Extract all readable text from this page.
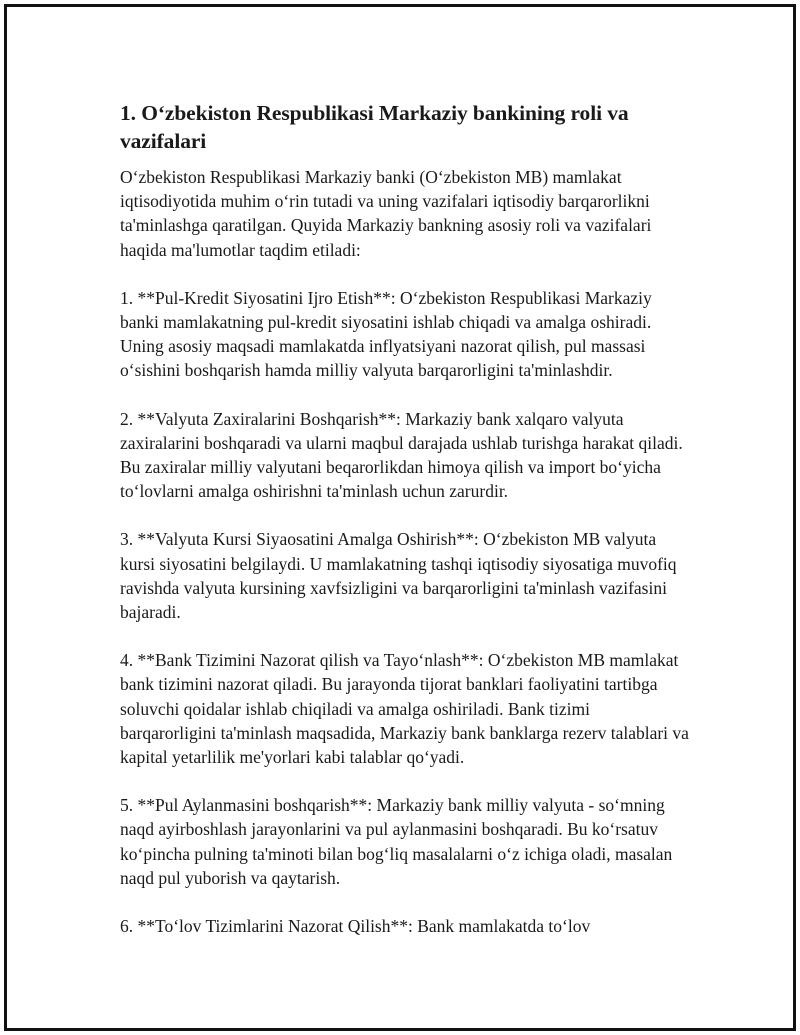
1. O‘zbekiston Respublikasi Markaziy bankining roli va vazifalari

O‘zbekiston Respublikasi Markaziy banki (O‘zbekiston MB) mamlakat iqtisodiyotida muhim o‘rin tutadi va uning vazifalari iqtisodiy barqarorlikni ta'minlashga qaratilgan. Quyida Markaziy bankning asosiy roli va vazifalari haqida ma'lumotlar taqdim etiladi:

1. **Pul-Kredit Siyosatini Ijro Etish**: O‘zbekiston Respublikasi Markaziy banki mamlakatning pul-kredit siyosatini ishlab chiqadi va amalga oshiradi. Uning asosiy maqsadi mamlakatda inflyatsiyani nazorat qilish, pul massasi o‘sishini boshqarish hamda milliy valyuta barqarorligini ta'minlashdir.

2. **Valyuta Zaxiralarini Boshqarish**: Markaziy bank xalqaro valyuta zaxiralarini boshqaradi va ularni maqbul darajada ushlab turishga harakat qiladi. Bu zaxiralar milliy valyutani beqarorlikdan himoya qilish va import bo‘yicha to‘lovlarni amalga oshirishni ta'minlash uchun zarurdir.

3. **Valyuta Kursi Siyaosatini Amalga Oshirish**: O‘zbekiston MB valyuta kursi siyosatini belgilaydi. U mamlakatning tashqi iqtisodiy siyosatiga muvofiq ravishda valyuta kursining xavfsizligini va barqarorligini ta'minlash vazifasini bajaradi.

4. **Bank Tizimini Nazorat qilish va Tayo‘nlash**: O‘zbekiston MB mamlakat bank tizimini nazorat qiladi. Bu jarayonda tijorat banklari faoliyatini tartibga soluvchi qoidalar ishlab chiqiladi va amalga oshiriladi. Bank tizimi barqarorligini ta'minlash maqsadida, Markaziy bank banklarga rezerv talablari va kapital yetarlilik me'yorlari kabi talablar qo‘yadi.

5. **Pul Aylanmasini boshqarish**: Markaziy bank milliy valyuta - so‘mning naqd ayirboshlash jarayonlarini va pul aylanmasini boshqaradi. Bu ko‘rsatuv ko‘pincha pulning ta'minoti bilan bog‘liq masalalarni o‘z ichiga oladi, masalan naqd pul yuborish va qaytarish.

6. **To‘lov Tizimlarini Nazorat Qilish**: Bank mamlakatda to‘lov
